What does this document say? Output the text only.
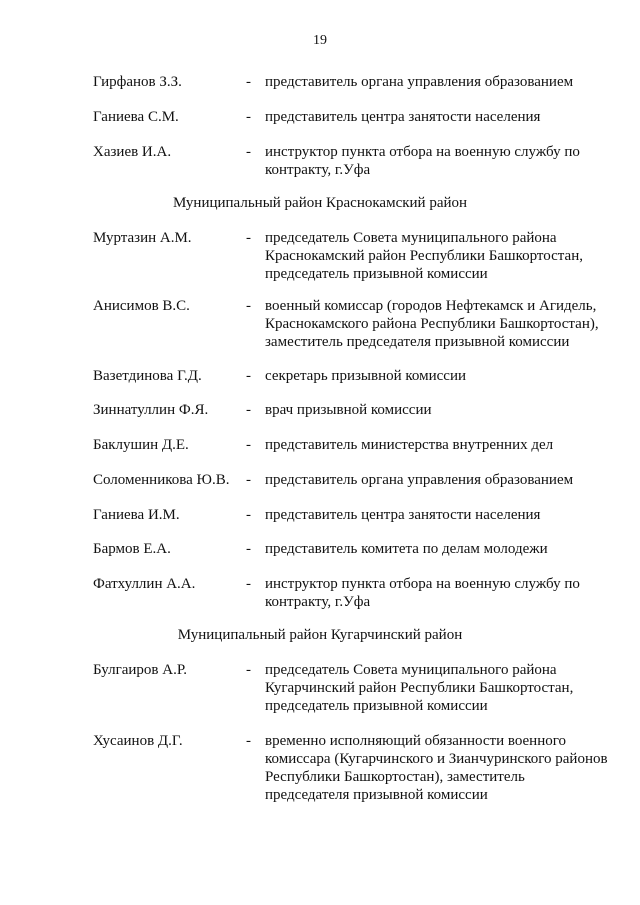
19
Гирфанов З.З.	- представитель органа управления образованием
Ганиева С.М.	- представитель центра занятости населения
Хазиев И.А.	- инструктор пункта отбора на военную службу по контракту, г.Уфа
Муниципальный район Краснокамский район
Муртазин А.М.	- председатель Совета муниципального района Краснокамский район Республики Башкортостан, председатель призывной комиссии
Анисимов В.С.	- военный комиссар (городов Нефтекамск и Агидель, Краснокамского района Республики Башкортостан), заместитель председателя призывной комиссии
Вазетдинова Г.Д.	- секретарь призывной комиссии
Зиннатуллин Ф.Я.	- врач призывной комиссии
Баклушин Д.Е.	- представитель министерства внутренних дел
Соломенникова Ю.В. - представитель органа управления образованием
Ганиева И.М.	- представитель центра занятости населения
Бармов Е.А.	- представитель комитета по делам молодежи
Фатхуллин А.А.	- инструктор пункта отбора на военную службу по контракту, г.Уфа
Муниципальный район Кугарчинский район
Булгаиров А.Р.	- председатель Совета муниципального района Кугарчинский район Республики Башкортостан, председатель призывной комиссии
Хусаинов Д.Г.	- временно исполняющий обязанности военного комиссара (Кугарчинского и Зианчуринского районов Республики Башкортостан), заместитель председателя призывной комиссии
